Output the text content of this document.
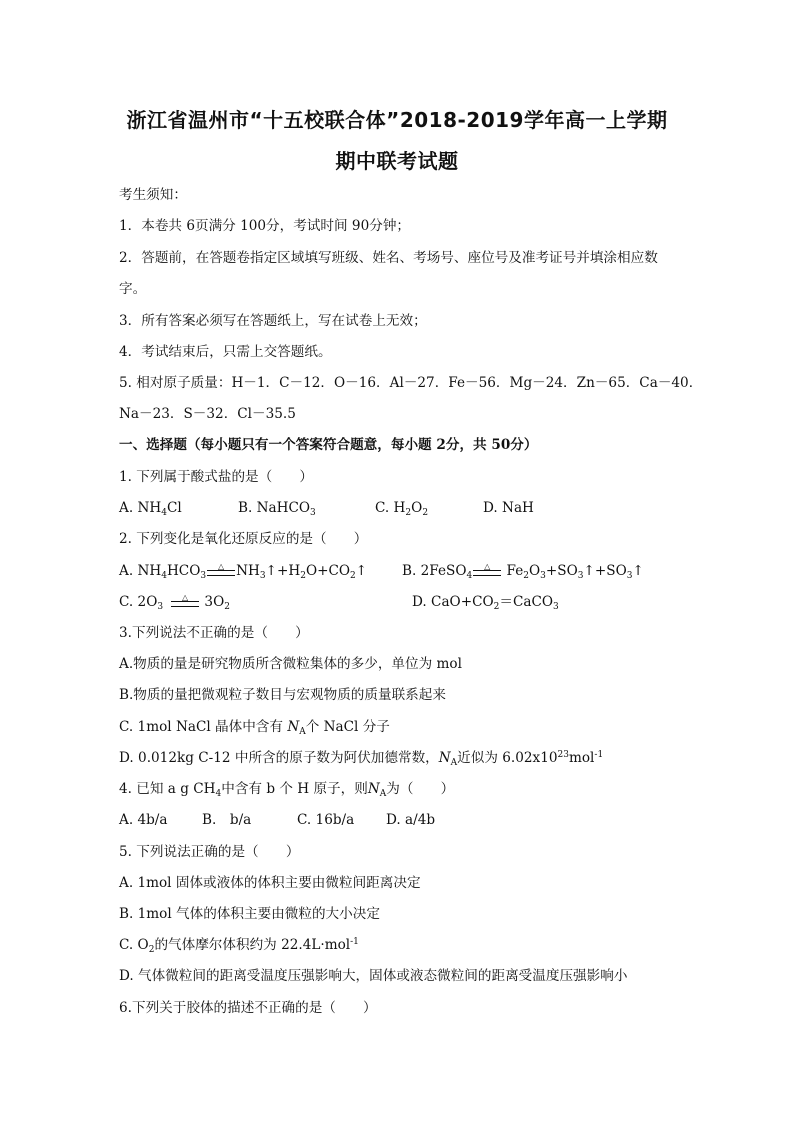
浙江省温州市“十五校联合体”2018-2019学年高一上学期
期中联考试题
考生须知：
1．本卷共 6页满分 100分，考试时间 90分钟；
2．答题前，在答题卷指定区域填写班级、姓名、考场号、座位号及准考证号并填涂相应数
字。
3．所有答案必须写在答题纸上，写在试卷上无效；
4．考试结束后，只需上交答题纸。
5. 相对原子质量：H－1．C－12．O－16．Al－27．Fe－56．Mg－24．Zn－65．Ca－40．
Na－23．S－32．Cl－35.5
一、选择题（每小题只有一个答案符合题意，每小题 2分，共 50分）
1. 下列属于酸式盐的是（　　）
A. $NH_4Cl$	B. NaHCO$_3$	C. $H_2O_2$	D. NaH
2. 下列变化是氧化还原反应的是（　　）
A. $NH_4HCO_3$
△ $NH_3↑+H_2O+CO_2↑$	B. 2FeSO$_4$
△ $Fe_2O_3+SO_3↑+SO_3↑$
C. $2O_3$
△ $3O_2$	D. $CaO+CO_2=CaCO_3$
3.下列说法不正确的是（　　）
A.物质的量是研究物质所含微粒集体的多少，单位为 mol
B.物质的量把微观粒子数目与宏观物质的质量联系起来
C. 1mol NaCl 晶体中含有 $N_A$个 NaCl 分子
D. 0.012kg C-12 中所含的原子数为阿伏加德常数，$N_A$近似为 $6.02x10^{23}mol^{-1}$
4. 已知 a g $CH_4$中含有 b 个 H 原子，则$N_A$为（　　）
A. 4b/a	B.　b/a	C. 16b/a D. a/4b
5. 下列说法正确的是（　　）
A. 1mol 固体或液体的体积主要由微粒间距离决定
B. 1mol 气体的体积主要由微粒的大小决定
C. $O_2$的气体摩尔体积约为 22.4L·mol$^{-1}$
D. 气体微粒间的距离受温度压强影响大，固体或液态微粒间的距离受温度压强影响小
6.下列关于胶体的描述不正确的是（　　）
